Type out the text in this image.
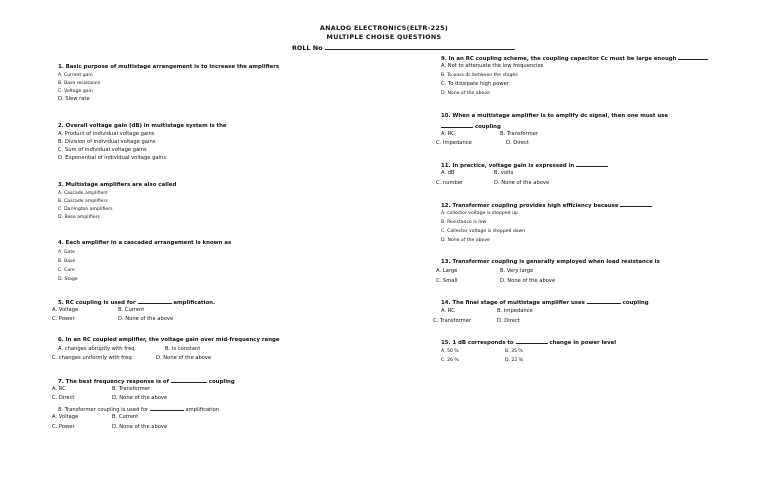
ANALOG ELECTRONICS(ELTR-225)
MULTIPLE CHOISE QUESTIONS
ROLL No
1. Basic purpose of multistage arrangement is to increase the amplifiers
A. Current gain
B. Base resistance
C. Voltage gain
D. Slew rate
2. Overall voltage gain (dB) in multistage system is the
A. Product of individual voltage gains
B. Division of individual voltage gains
C. Sum of individual voltage gains
D. Exponential of individual voltage gains
3. Multistage amplifiers are also called
A. Cascade amplifiers
B. Cascade amplifiers
C. Darlington amplifiers
D. Base amplifiers
4. Each amplifier in a cascaded arrangement is known as
A. Gate
B. Base
C. Core
D. Stage
5. RC coupling is used for	amplification.
A. Voltage	B. Current
C. Power	D. None of the above
6. In an RC coupled amplifier, the voltage gain over mid-frequency range
A. changes abruptly with freq.	B. Is constant
C. changes uniformly with freq.	D. None of the above
7. The best frequency response is of	coupling
A. RC	B. Transformer
C. Direct	D. None of the above
8. Transformer coupling is used for	amplification.
A. Voltage	B. Current
C. Power	D. None of the above
9. In an RC coupling scheme, the coupling capacitor Cc must be large enough
A. Not to attenuate the low frequencies
B. To pass dc between the stages
C. To dissipate high power
D. None of the above
10. When a multistage amplifier is to amplify dc signal, then one must use
coupling
A. RC	B. Transformer
C. Impedance	D. Direct
11. In practice, voltage gain is expressed in
A. dB	B. volts
C. number	D. None of the above
12. Transformer coupling provides high efficiency because
A. collector voltage is stepped up
B. Resistance is low
C. Collector voltage is stepped down
D. None of the above
13. Transformer coupling is generally employed when load resistance is
A. Large	B. Very large
C. Small	D. None of the above
14. The final stage of multistage amplifier uses	coupling
A. RC	B. Impedance
C. Transformer	D. Direct
15. 1 dB corresponds to	change in power level
A. 50 %	B. 35 %
C. 26 %	D. 22 %
